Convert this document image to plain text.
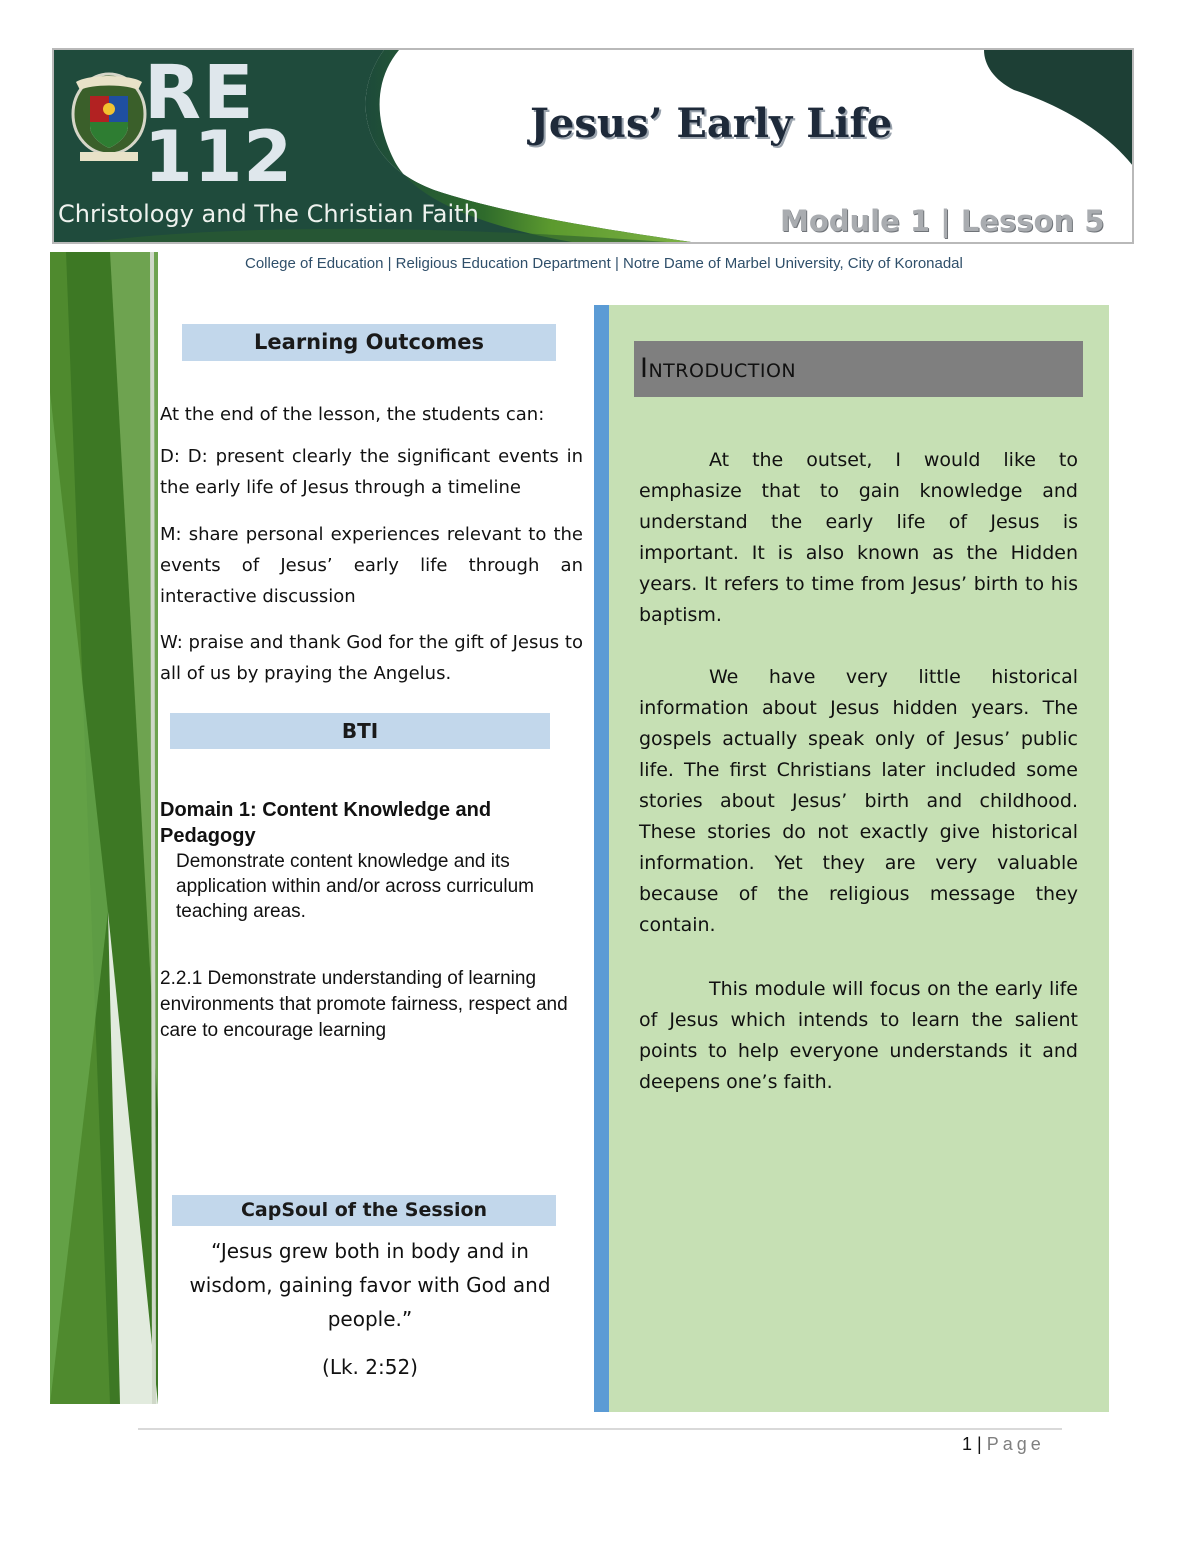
RE
112
Christology and The Christian Faith
Jesus’ Early Life
Module 1 | Lesson 5
College of Education | Religious Education Department | Notre Dame of Marbel University, City of Koronadal
Learning Outcomes
At the end of the lesson, the students can:
D: D: present clearly the significant events in the early life of Jesus through a timeline
M: share personal experiences relevant to the events of Jesus’ early life through an interactive discussion
W: praise and thank God for the gift of Jesus to all of us by praying the Angelus.
BTI
Domain 1: Content Knowledge and Pedagogy
Demonstrate content knowledge and its application within and/or across curriculum teaching areas.
2.2.1 Demonstrate understanding of learning environments that promote fairness, respect and care to encourage learning
CapSoul of the Session
“Jesus grew both in body and in wisdom, gaining favor with God and people.”
(Lk. 2:52)
Introduction
At the outset, I would like to emphasize that to gain knowledge and understand the early life of Jesus is important. It is also known as the Hidden years. It refers to time from Jesus’ birth to his baptism.
We have very little historical information about Jesus hidden years. The gospels actually speak only of Jesus’ public life. The first Christians later included some stories about Jesus’ birth and childhood. These stories do not exactly give historical information. Yet they are very valuable because of the religious message they contain.
This module will focus on the early life of Jesus which intends to learn the salient points to help everyone understands it and deepens one’s faith.
1 | Page
